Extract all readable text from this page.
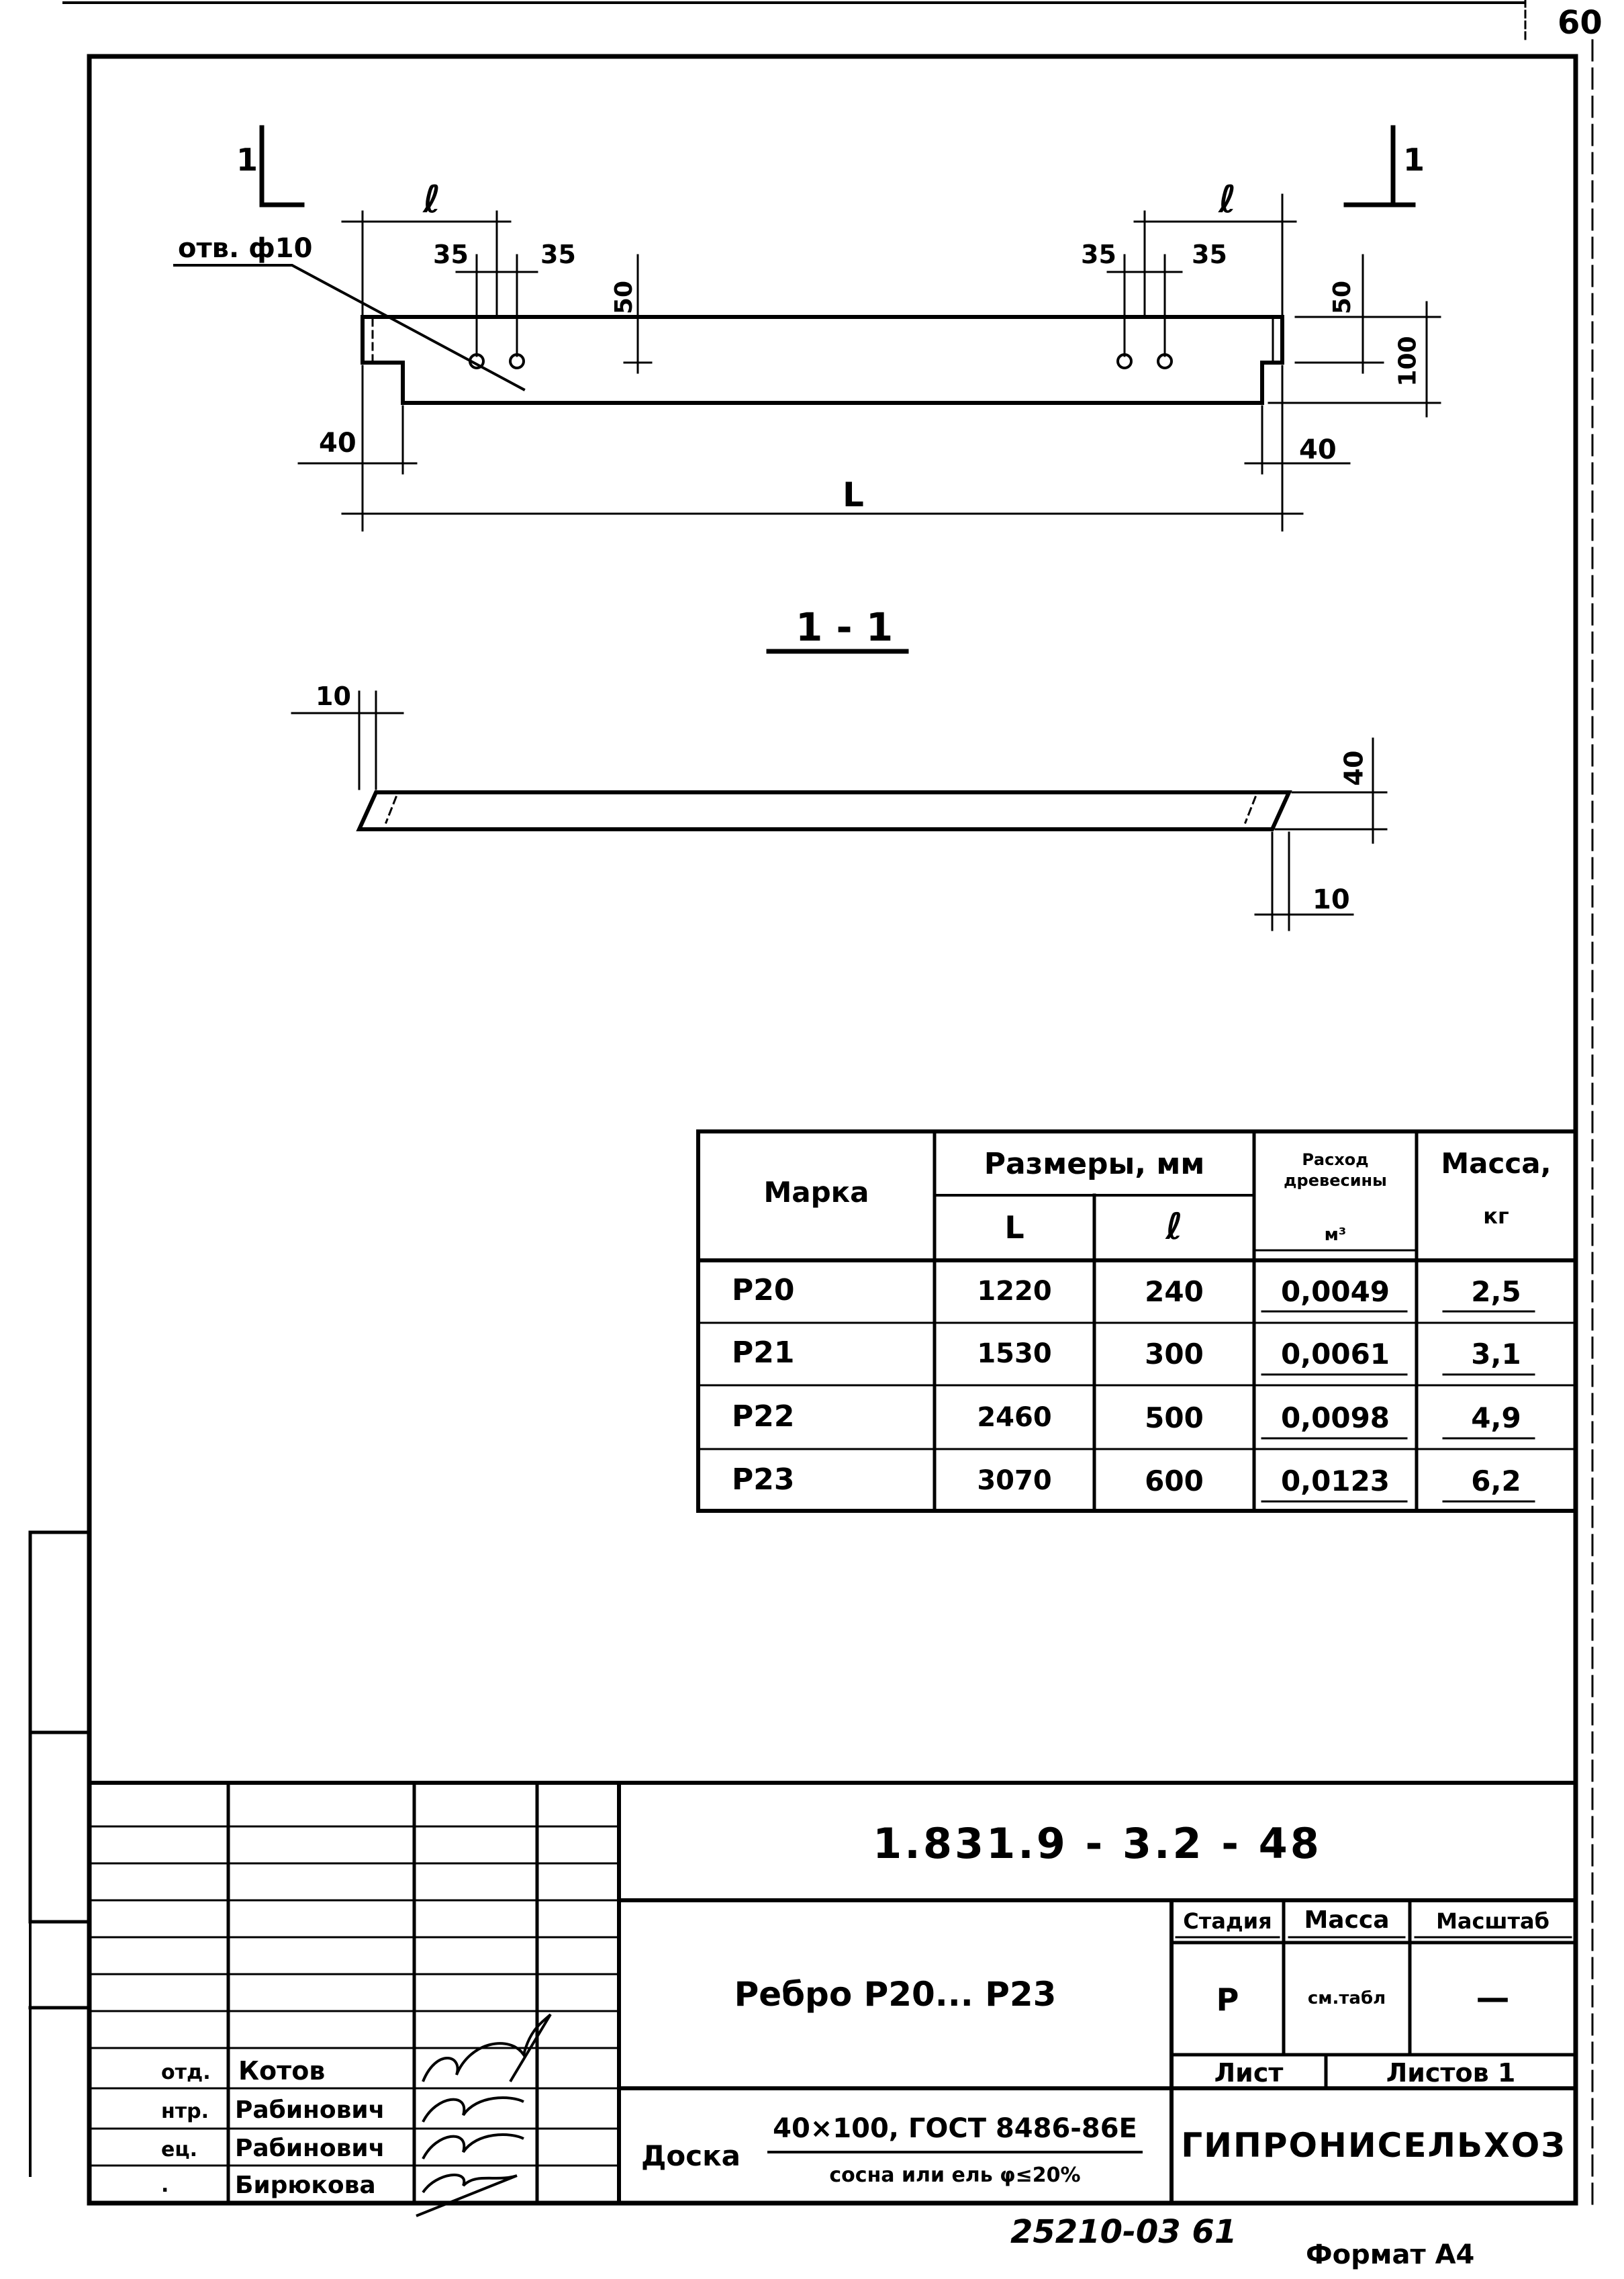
60
отв. ф10
1	1
ℓ	ℓ
35	35	35	35
50	50
100
40	40
L
1 - 1
10
40
10
Марка
Размеры, мм
L	ℓ
Расход древесины
м³
Масса,
кг
Р20	1220	240	0,0049	2,5
Р21	1530	300	0,0061	3,1
Р22	2460	500	0,0098	4,9
Р23	3070	600	0,0123	6,2
1.831.9 - 3.2 - 48
Ребро Р20... Р23
Стадия	Масса	Масштаб
Р	см.табл	—
Лист	Листов 1
Доска
40×100, ГОСТ 8486-86Е
сосна или ель φ≤20%
ГИПРОНИСЕЛЬХОЗ
отд. Котов
нтр. Рабинович
ец. Рабинович
.	Бирюкова
25210-03 61
Формат А4
